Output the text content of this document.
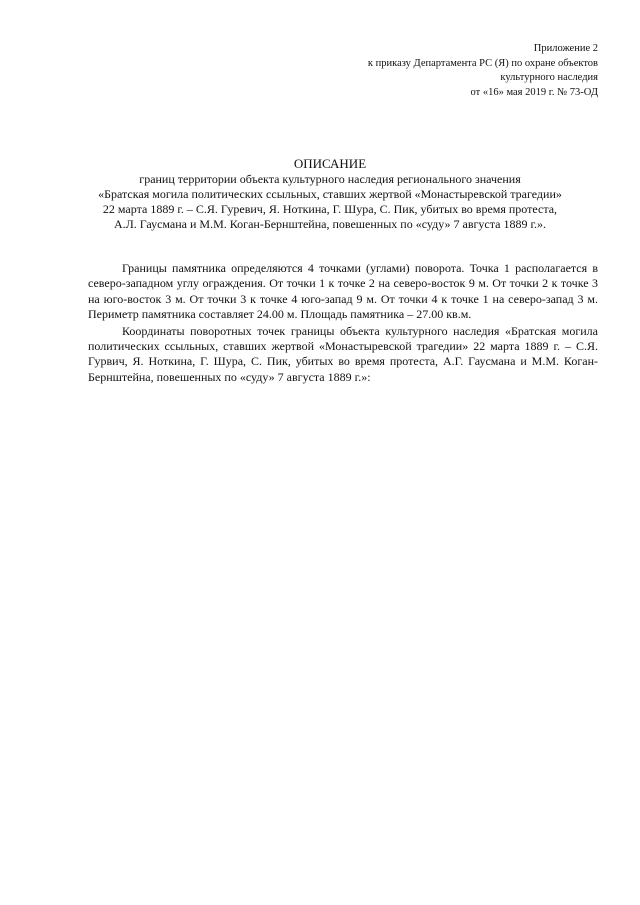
Приложение 2
к приказу Департамента РС (Я) по охране объектов
культурного наследия
от «16» мая 2019 г. № 73-ОД
ОПИСАНИЕ
границ территории объекта культурного наследия регионального значения
«Братская могила политических ссыльных, ставших жертвой «Монастыревской трагедии»
22 марта 1889 г. – С.Я. Гуревич, Я. Ноткина, Г. Шура, С. Пик, убитых во время протеста,
А.Л. Гаусмана и М.М. Коган-Бернштейна, повешенных по «суду» 7 августа 1889 г.».

Границы памятника определяются 4 точками (углами) поворота. Точка 1 располагается в северо-западном углу ограждения. От точки 1 к точке 2 на северо-восток 9 м. От точки 2 к точке 3 на юго-восток 3 м. От точки 3 к точке 4 юго-запад 9 м. От точки 4 к точке 1 на северо-запад 3 м. Периметр памятника составляет 24.00 м. Площадь памятника – 27.00 кв.м.

Координаты поворотных точек границы объекта культурного наследия «Братская могила политических ссыльных, ставших жертвой «Монастыревской трагедии» 22 марта 1889 г. – С.Я. Гурвич, Я. Ноткина, Г. Шура, С. Пик, убитых во время протеста, А.Г. Гаусмана и М.М. Коган-Бернштейна, повешенных по «суду» 7 августа 1889 г.»:
